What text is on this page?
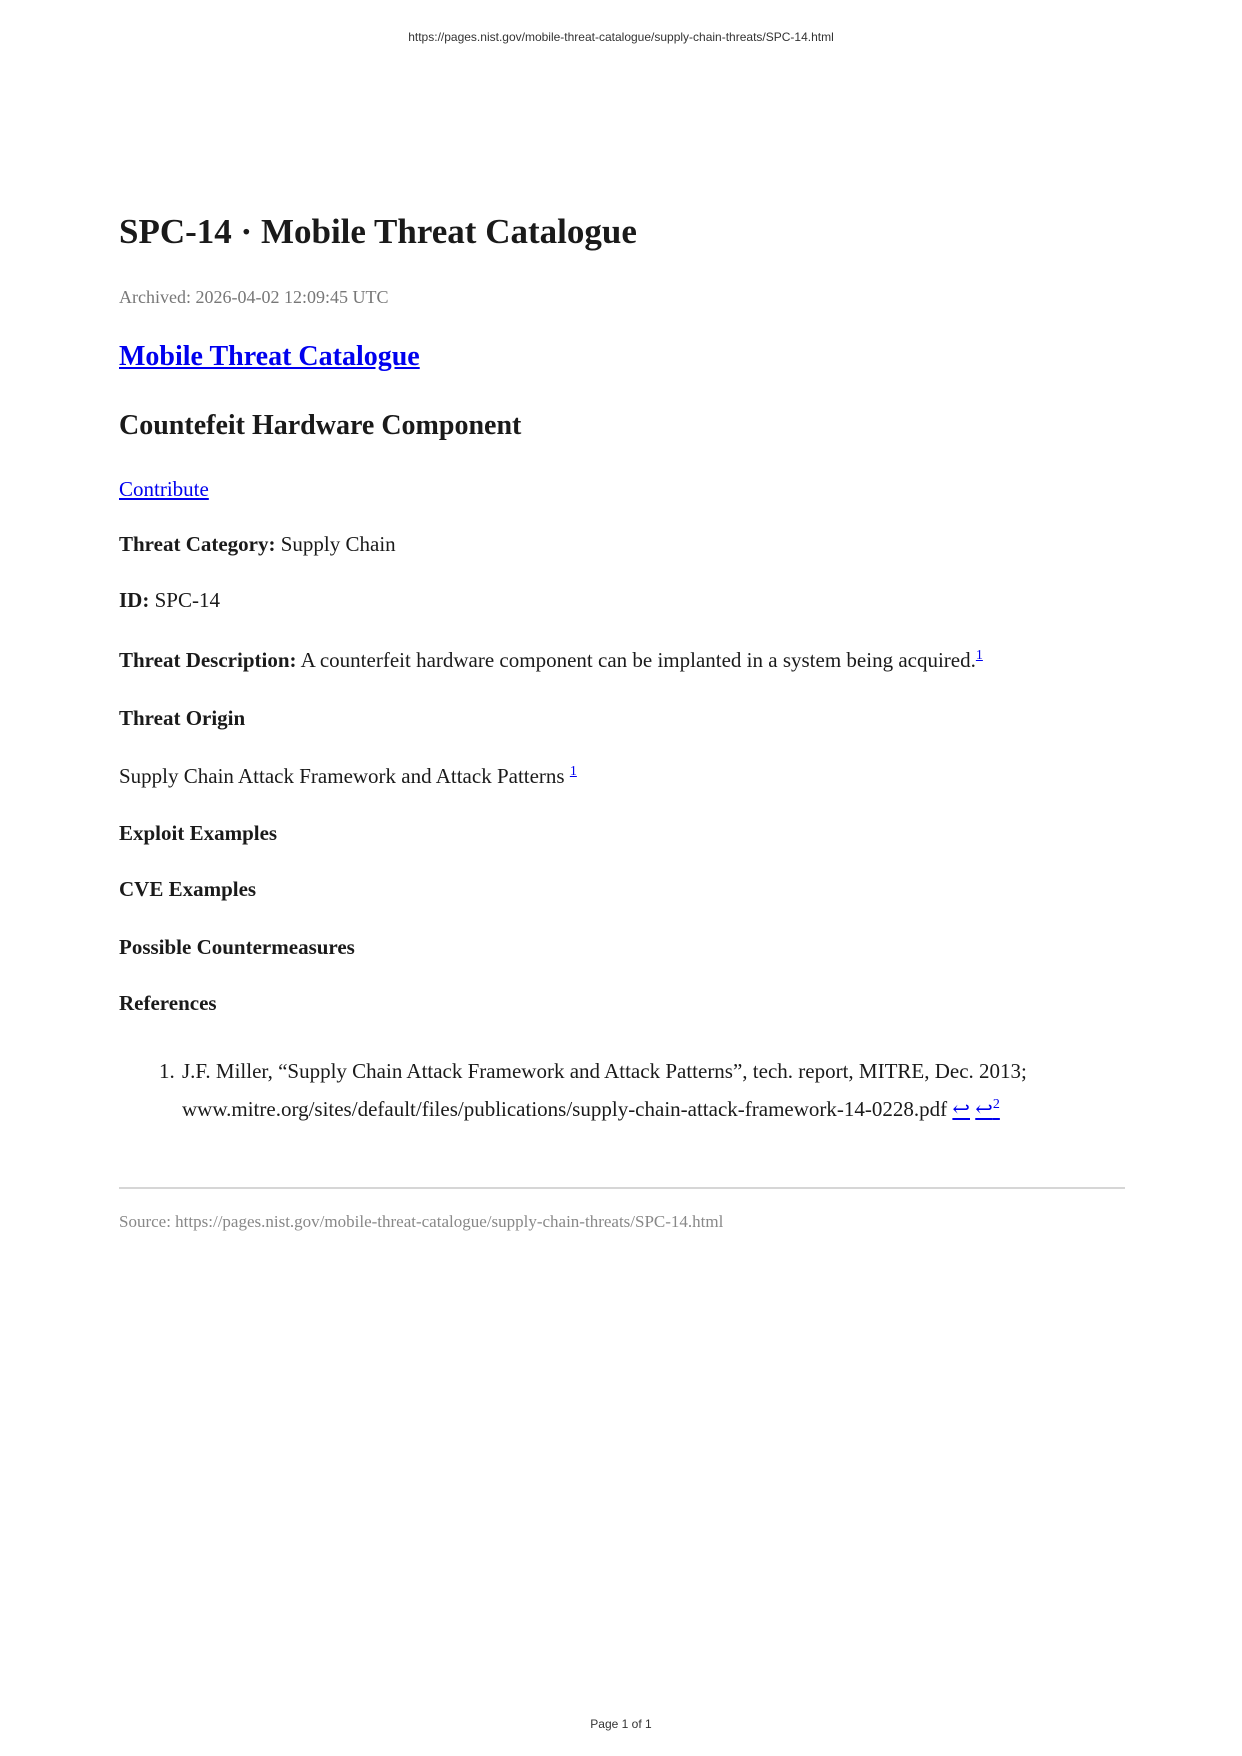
https://pages.nist.gov/mobile-threat-catalogue/supply-chain-threats/SPC-14.html
SPC-14 · Mobile Threat Catalogue

Archived: 2026-04-02 12:09:45 UTC

Mobile Threat Catalogue
Countefeit Hardware Component

Contribute

Threat Category: Supply Chain

ID: SPC-14

Threat Description: A counterfeit hardware component can be implanted in a system being acquired.$^1$

Threat Origin

Supply Chain Attack Framework and Attack Patterns $^1$

Exploit Examples
CVE Examples
Possible Countermeasures
References
1. J.F. Miller, “Supply Chain Attack Framework and Attack Patterns”, tech. report, MITRE, Dec. 2013;
www.mitre.org/sites/default/files/publications/supply-chain-attack-framework-14-0228.pdf ↩ ↩$^2$

Source: https://pages.nist.gov/mobile-threat-catalogue/supply-chain-threats/SPC-14.html

Page 1 of 1
